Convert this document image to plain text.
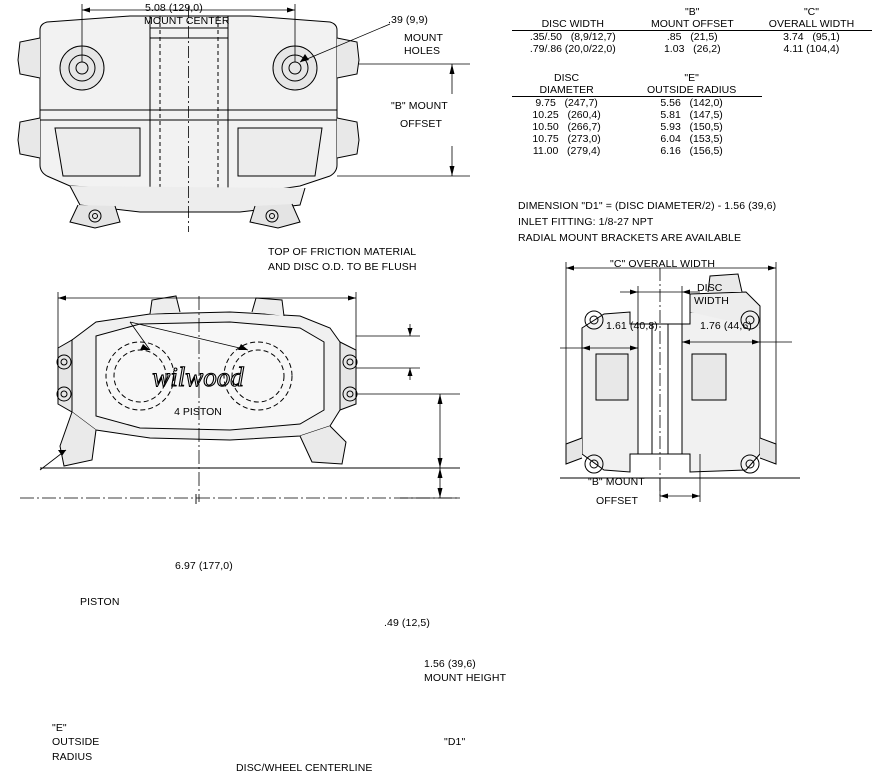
5.08 (129,0)
MOUNT CENTER	.39 (9,9)
MOUNT
HOLES
"B" MOUNT
OFFSET
	"B"	"C"
DISC WIDTH	MOUNT OFFSET	OVERALL WIDTH
.35/.50   (8,9/12,7)	.85   (21,5)	3.74   (95,1)
.79/.86 (20,0/22,0)	1.03   (26,2)	4.11 (104,4)
DISC	"E"
DIAMETER	OUTSIDE RADIUS
9.75   (247,7)	5.56   (142,0)
10.25   (260,4)	5.81   (147,5)
10.50   (266,7)	5.93   (150,5)
10.75   (273,0)	6.04   (153,5)
11.00   (279,4)	6.16   (156,5)
DIMENSION "D1" = (DISC DIAMETER/2) - 1.56 (39,6)
INLET FITTING: 1/8-27 NPT
RADIAL MOUNT BRACKETS ARE AVAILABLE
TOP OF FRICTION MATERIAL
AND DISC O.D. TO BE FLUSH
wilwood
4 PISTON
6.97 (177,0)
PISTON
.49 (12,5)
1.56 (39,6)
MOUNT HEIGHT
"D1"
"E"
OUTSIDE
RADIUS
DISC/WHEEL CENTERLINE
"C" OVERALL WIDTH
DISC
WIDTH
1.61 (40,8)	1.76 (44,6)
"B" MOUNT
OFFSET
